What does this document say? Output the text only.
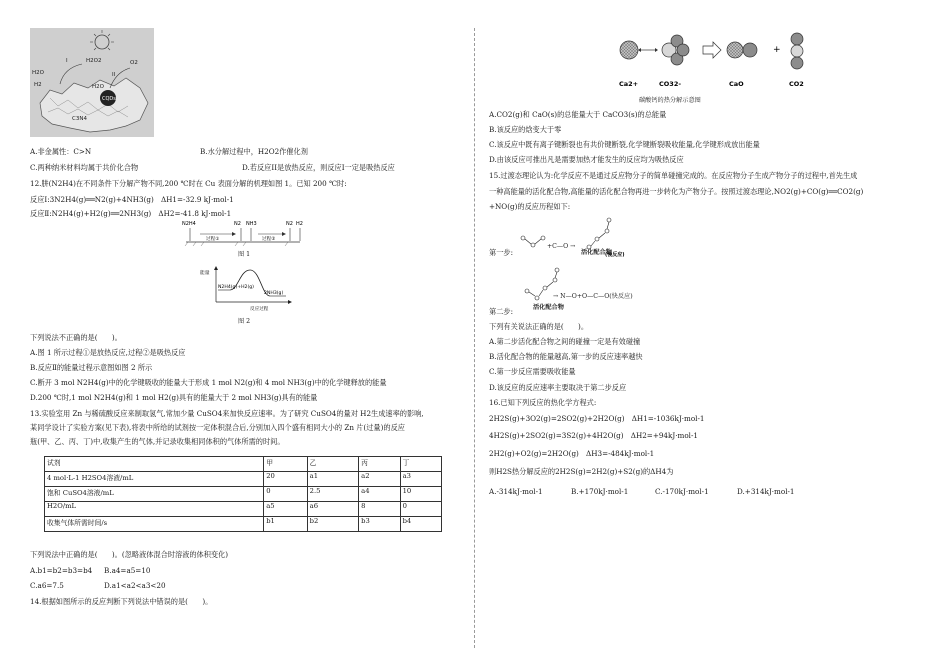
CQDs
I	H2O2
II
H2O
H2
O2
H2O
C3N4
A.非金属性：C>N	B.水分解过程中，H2O2作催化剂
C.两种纳米材料均属于共价化合物	D.若反应II是放热反应，则反应I一定是吸热反应
12.肼(N2H4)在不同条件下分解产物不同,200 ℃时在 Cu 表面分解的机理如图 1。已知 200 ℃时:
反应Ⅰ:3N2H4(g)══N2(g)+4NH3(g)　ΔH1=-32.9 kJ·mol-1
反应Ⅱ:N2H4(g)+H2(g)══2NH3(g)　ΔH2=-41.8 kJ·mol-1
N2H4	N2 NH3	N2 H2
过程①	过程②
图 1
能量
N2H4(g)+H2(g)
2NH3(g)
反应过程
图 2
下列说法不正确的是(　　)。
A.图 1 所示过程①是放热反应,过程②是吸热反应
B.反应Ⅱ的能量过程示意图如图 2 所示
C.断开 3 mol N2H4(g)中的化学键吸收的能量大于形成 1 mol N2(g)和 4 mol NH3(g)中的化学键释放的能量
D.200 ℃时,1 mol N2H4(g)和 1 mol H2(g)具有的能量大于 2 mol NH3(g)具有的能量
13.实验室用 Zn 与稀硫酸反应来制取氢气,常加少量 CuSO4来加快反应速率。为了研究 CuSO4的量对 H2生成速率的影响,
某同学设计了实验方案(见下表),将表中所给的试剂按一定体积混合后,分别加入四个盛有相同大小的 Zn 片(过量)的反应
瓶(甲、乙、丙、丁)中,收集产生的气体,并记录收集相同体积的气体所需的时间。
试剂	甲	乙	丙	丁
4 mol·L-1 H2SO4溶液/mL	20	a1	a2	a3
饱和 CuSO4溶液/mL	0	2.5	a4	10
H2O/mL	a5	a6	8	0
收集气体所需时间/s	b1	b2	b3	b4
下列说法中正确的是(　　)。(忽略液体混合时溶液的体积变化)
A.b1=b2=b3=b4 B.a4=a5=10
C.a6=7.5	D.a1<a2<a3<20
14.根据如图所示的反应判断下列说法中错误的是(　　)。
+
Ca2+	CO32-	CaO	CO2
碳酸钙的热分解示意图
A.CO2(g)和 CaO(s)的总能量大于 CaCO3(s)的总能量
B.该反应的焓变大于零
C.该反应中既有离子键断裂也有共价键断裂,化学键断裂吸收能量,化学键形成放出能量
D.由该反应可推出凡是需要加热才能发生的反应均为吸热反应
15.过渡态理论认为:化学反应不是通过反应物分子的简单碰撞完成的。在反应物分子生成产物分子的过程中,首先生成
一种高能量的活化配合物,高能量的活化配合物再进一步转化为产物分子。按照过渡态理论,NO2(g)+CO(g)══CO2(g)
+NO(g)的反应历程如下:
(慢反应)
第一步:
+C—O →
活化配合物
→ N—O+O—C—O(快反应)
活化配合物
第二步:
下列有关说法正确的是(　　)。
A.第二步活化配合物之间的碰撞一定是有效碰撞
B.活化配合物的能量越高,第一步的反应速率越快
C.第一步反应需要吸收能量
D.该反应的反应速率主要取决于第二步反应
16.已知下列反应的热化学方程式:
2H2S(g)+3O2(g)=2SO2(g)+2H2O(g)　ΔH1=-1036kJ·mol-1
4H2S(g)+2SO2(g)=3S2(g)+4H2O(g)　ΔH2=+94kJ·mol-1
2H2(g)+O2(g)=2H2O(g)　ΔH3=-484kJ·mol-1
则H2S热分解反应的2H2S(g)=2H2(g)+S2(g)的ΔH4为
A.-314kJ·mol-1	B.+170kJ·mol-1	C.-170kJ·mol-1	D.+314kJ·mol-1
